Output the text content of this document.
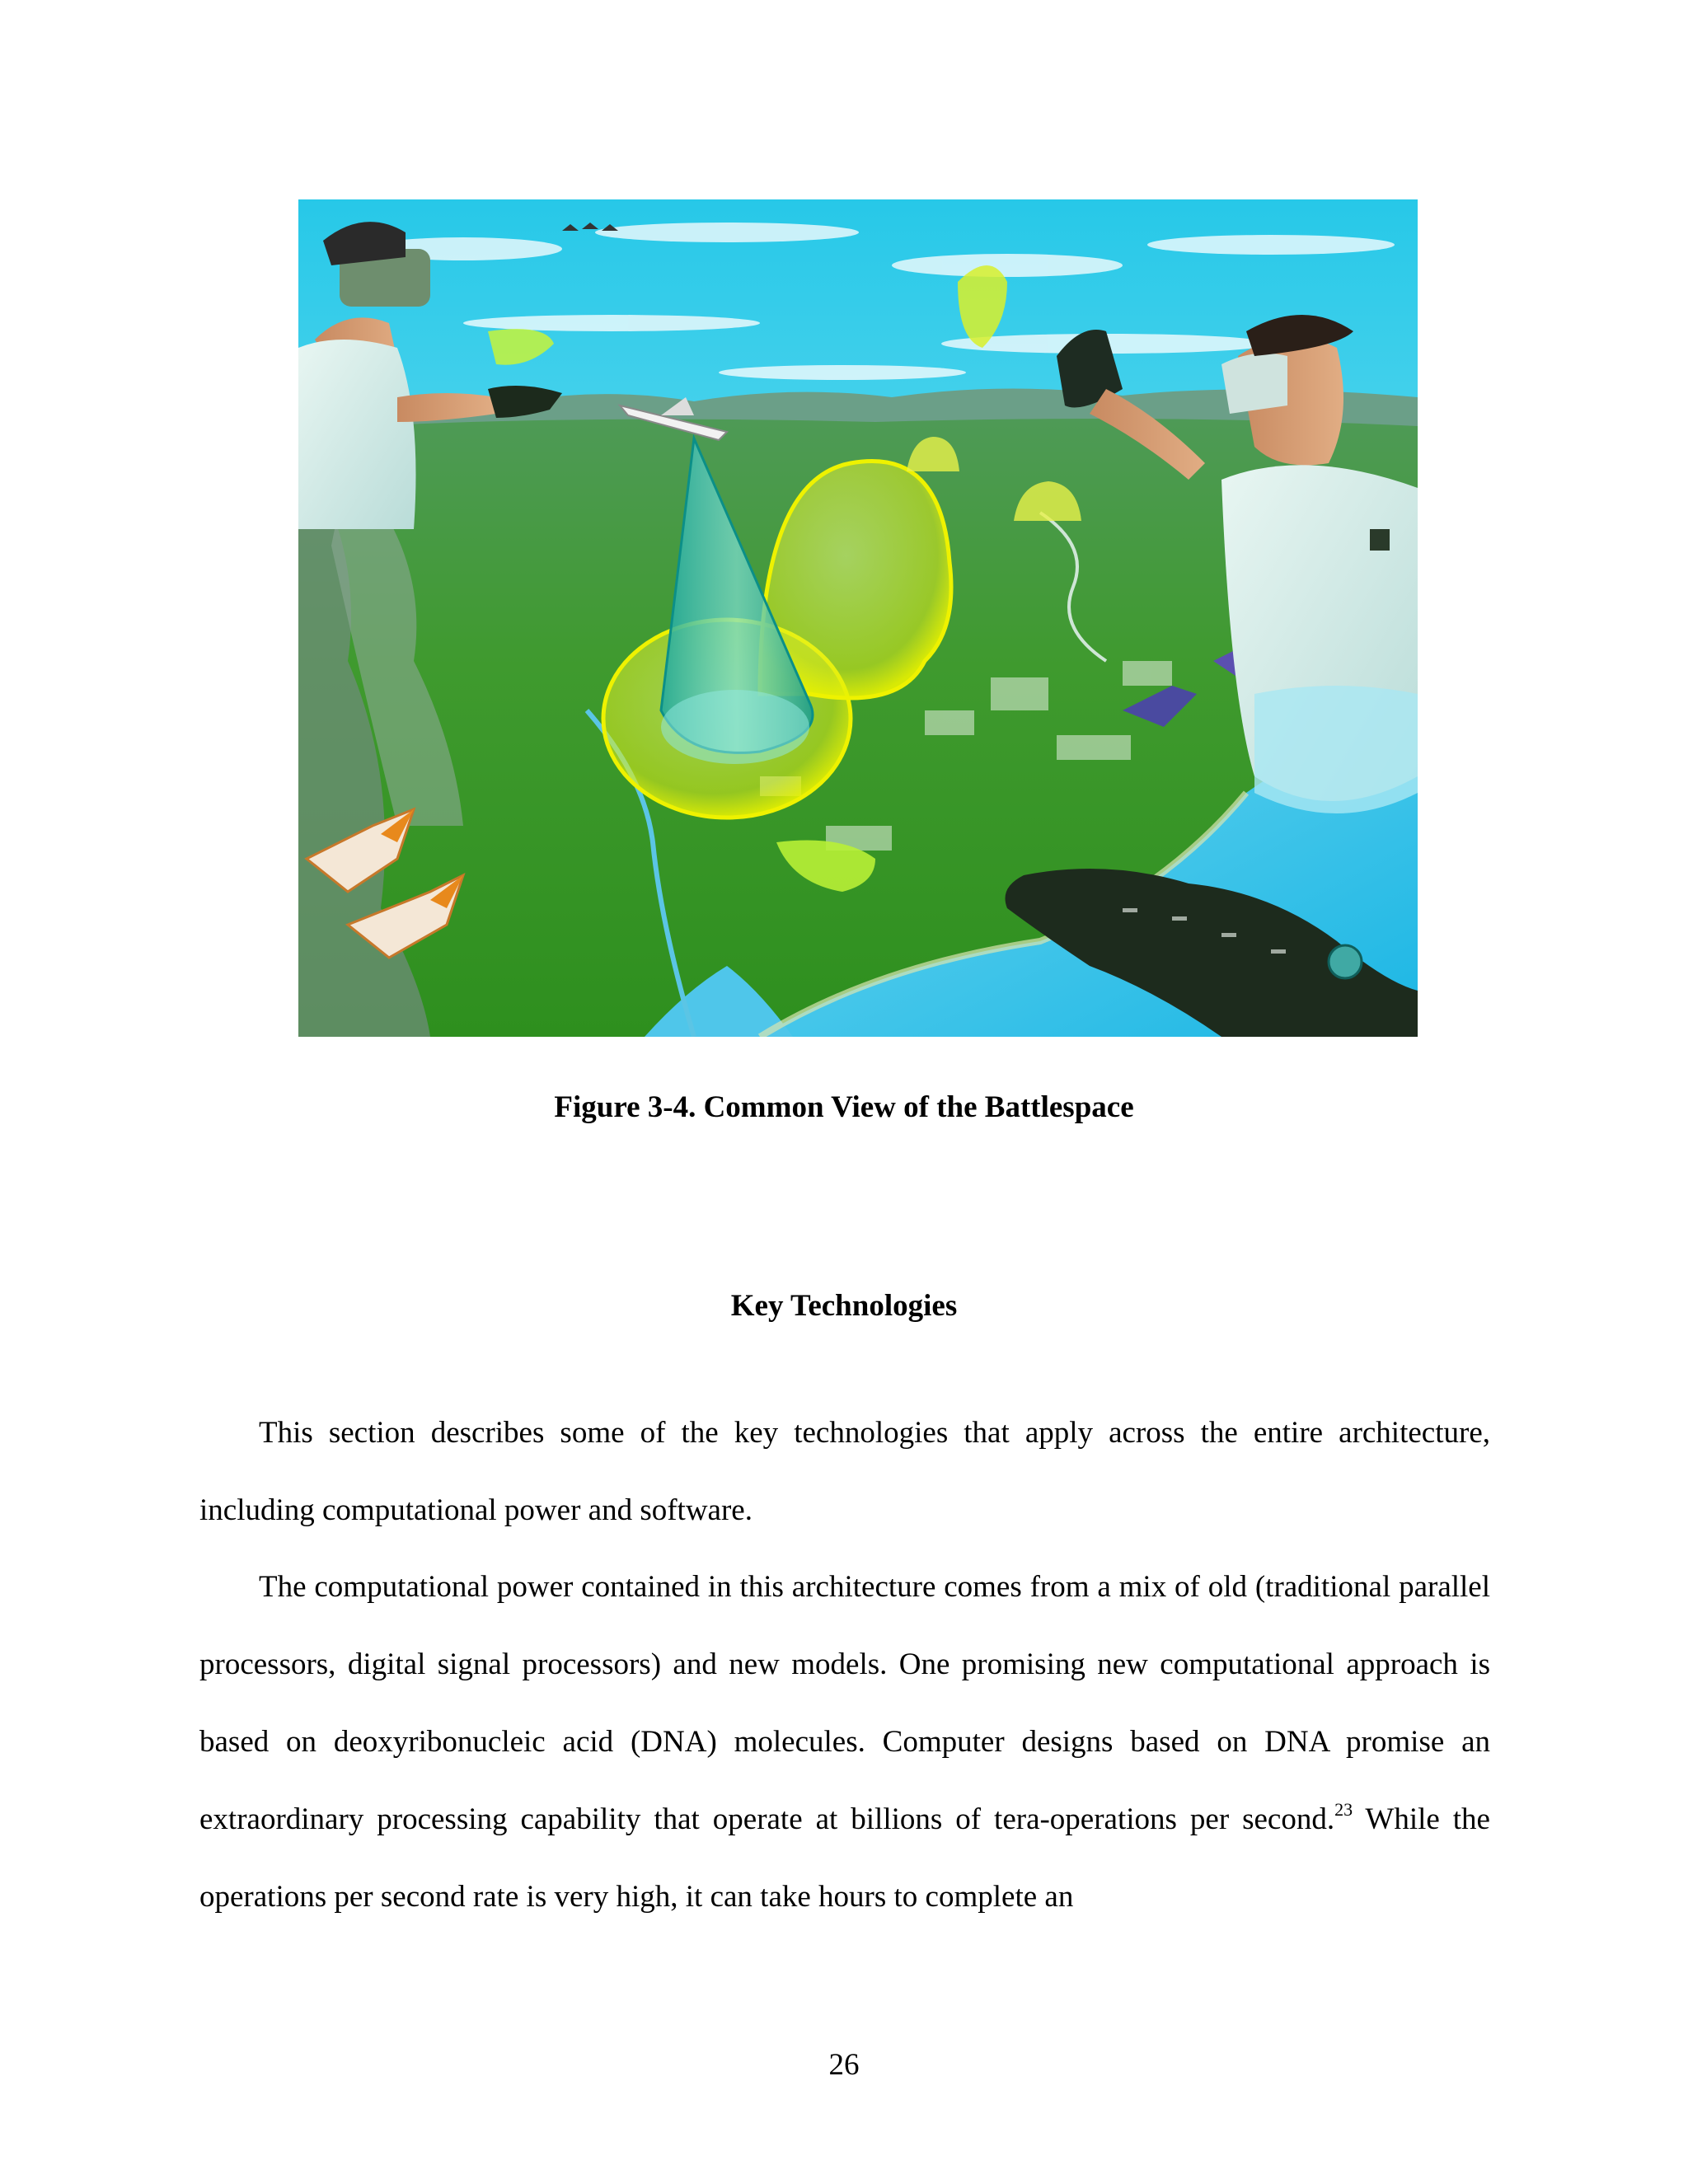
Figure 3-4. Common View of the Battlespace
Key Technologies

This section describes some of the key technologies that apply across the entire architecture, including computational power and software.

The computational power contained in this architecture comes from a mix of old (traditional parallel processors, digital signal processors) and new models. One promising new computational approach is based on deoxyribonucleic acid (DNA) molecules. Computer designs based on DNA promise an extraordinary processing capability that operate at billions of tera-operations per second.$^{23}$ While the operations per second rate is very high, it can take hours to complete an

26
